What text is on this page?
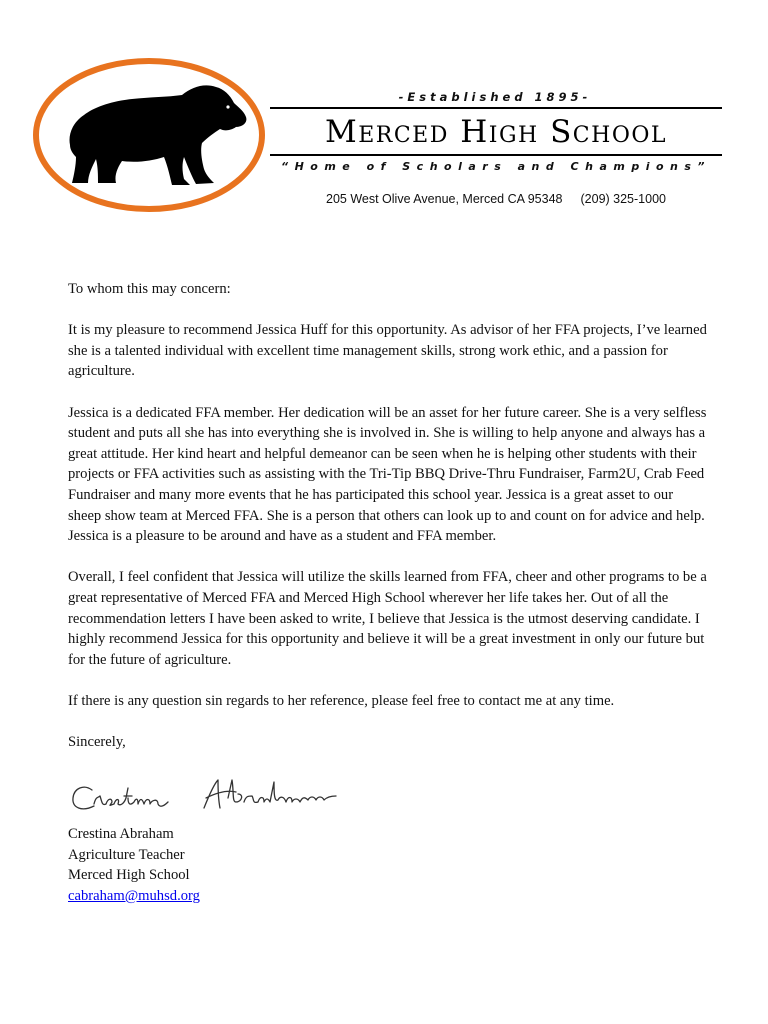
-Established 1895-
Merced High School
“Home of Scholars and Champions”
205 West Olive Avenue, Merced CA 95348 (209) 325-1000

To whom this may concern:

It is my pleasure to recommend Jessica Huff for this opportunity. As advisor of her FFA projects, I’ve learned she is a talented individual with excellent time management skills, strong work ethic, and a passion for agriculture.

Jessica is a dedicated FFA member. Her dedication will be an asset for her future career. She is a very selfless student and puts all she has into everything she is involved in. She is willing to help anyone and always has a great attitude. Her kind heart and helpful demeanor can be seen when he is helping other students with their projects or FFA activities such as assisting with the Tri-Tip BBQ Drive-Thru Fundraiser, Farm2U, Crab Feed Fundraiser and many more events that he has participated this school year. Jessica is a great asset to our sheep show team at Merced FFA. She is a person that others can look up to and count on for advice and help. Jessica is a pleasure to be around and have as a student and FFA member.

Overall, I feel confident that Jessica will utilize the skills learned from FFA, cheer and other programs to be a great representative of Merced FFA and Merced High School wherever her life takes her. Out of all the recommendation letters I have been asked to write, I believe that Jessica is the utmost deserving candidate. I highly recommend Jessica for this opportunity and believe it will be a great investment in only our future but for the future of agriculture.

If there is any question sin regards to her reference, please feel free to contact me at any time.

Sincerely,

Crestina Abraham
Agriculture Teacher
Merced High School
cabraham@muhsd.org
